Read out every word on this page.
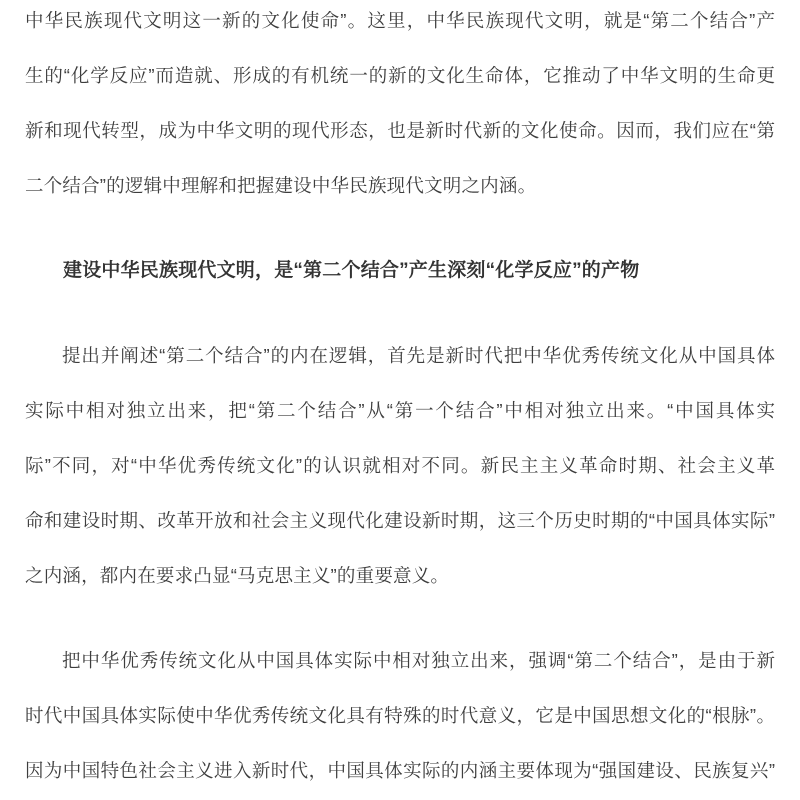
中华民族现代文明这一新的文化使命”。这里，中华民族现代文明，就是“第二个结合”产
生的“化学反应”而造就、形成的有机统一的新的文化生命体，它推动了中华文明的生命更
新和现代转型，成为中华文明的现代形态，也是新时代新的文化使命。因而，我们应在“第
二个结合”的逻辑中理解和把握建设中华民族现代文明之内涵。
建设中华民族现代文明，是“第二个结合”产生深刻“化学反应”的产物
提出并阐述“第二个结合”的内在逻辑，首先是新时代把中华优秀传统文化从中国具体
实际中相对独立出来，把“第二个结合”从“第一个结合”中相对独立出来。“中国具体实
际”不同，对“中华优秀传统文化”的认识就相对不同。新民主主义革命时期、社会主义革
命和建设时期、改革开放和社会主义现代化建设新时期，这三个历史时期的“中国具体实际”
之内涵，都内在要求凸显“马克思主义”的重要意义。
把中华优秀传统文化从中国具体实际中相对独立出来，强调“第二个结合”，是由于新
时代中国具体实际使中华优秀传统文化具有特殊的时代意义，它是中国思想文化的“根脉”。
因为中国特色社会主义进入新时代，中国具体实际的内涵主要体现为“强国建设、民族复兴”
